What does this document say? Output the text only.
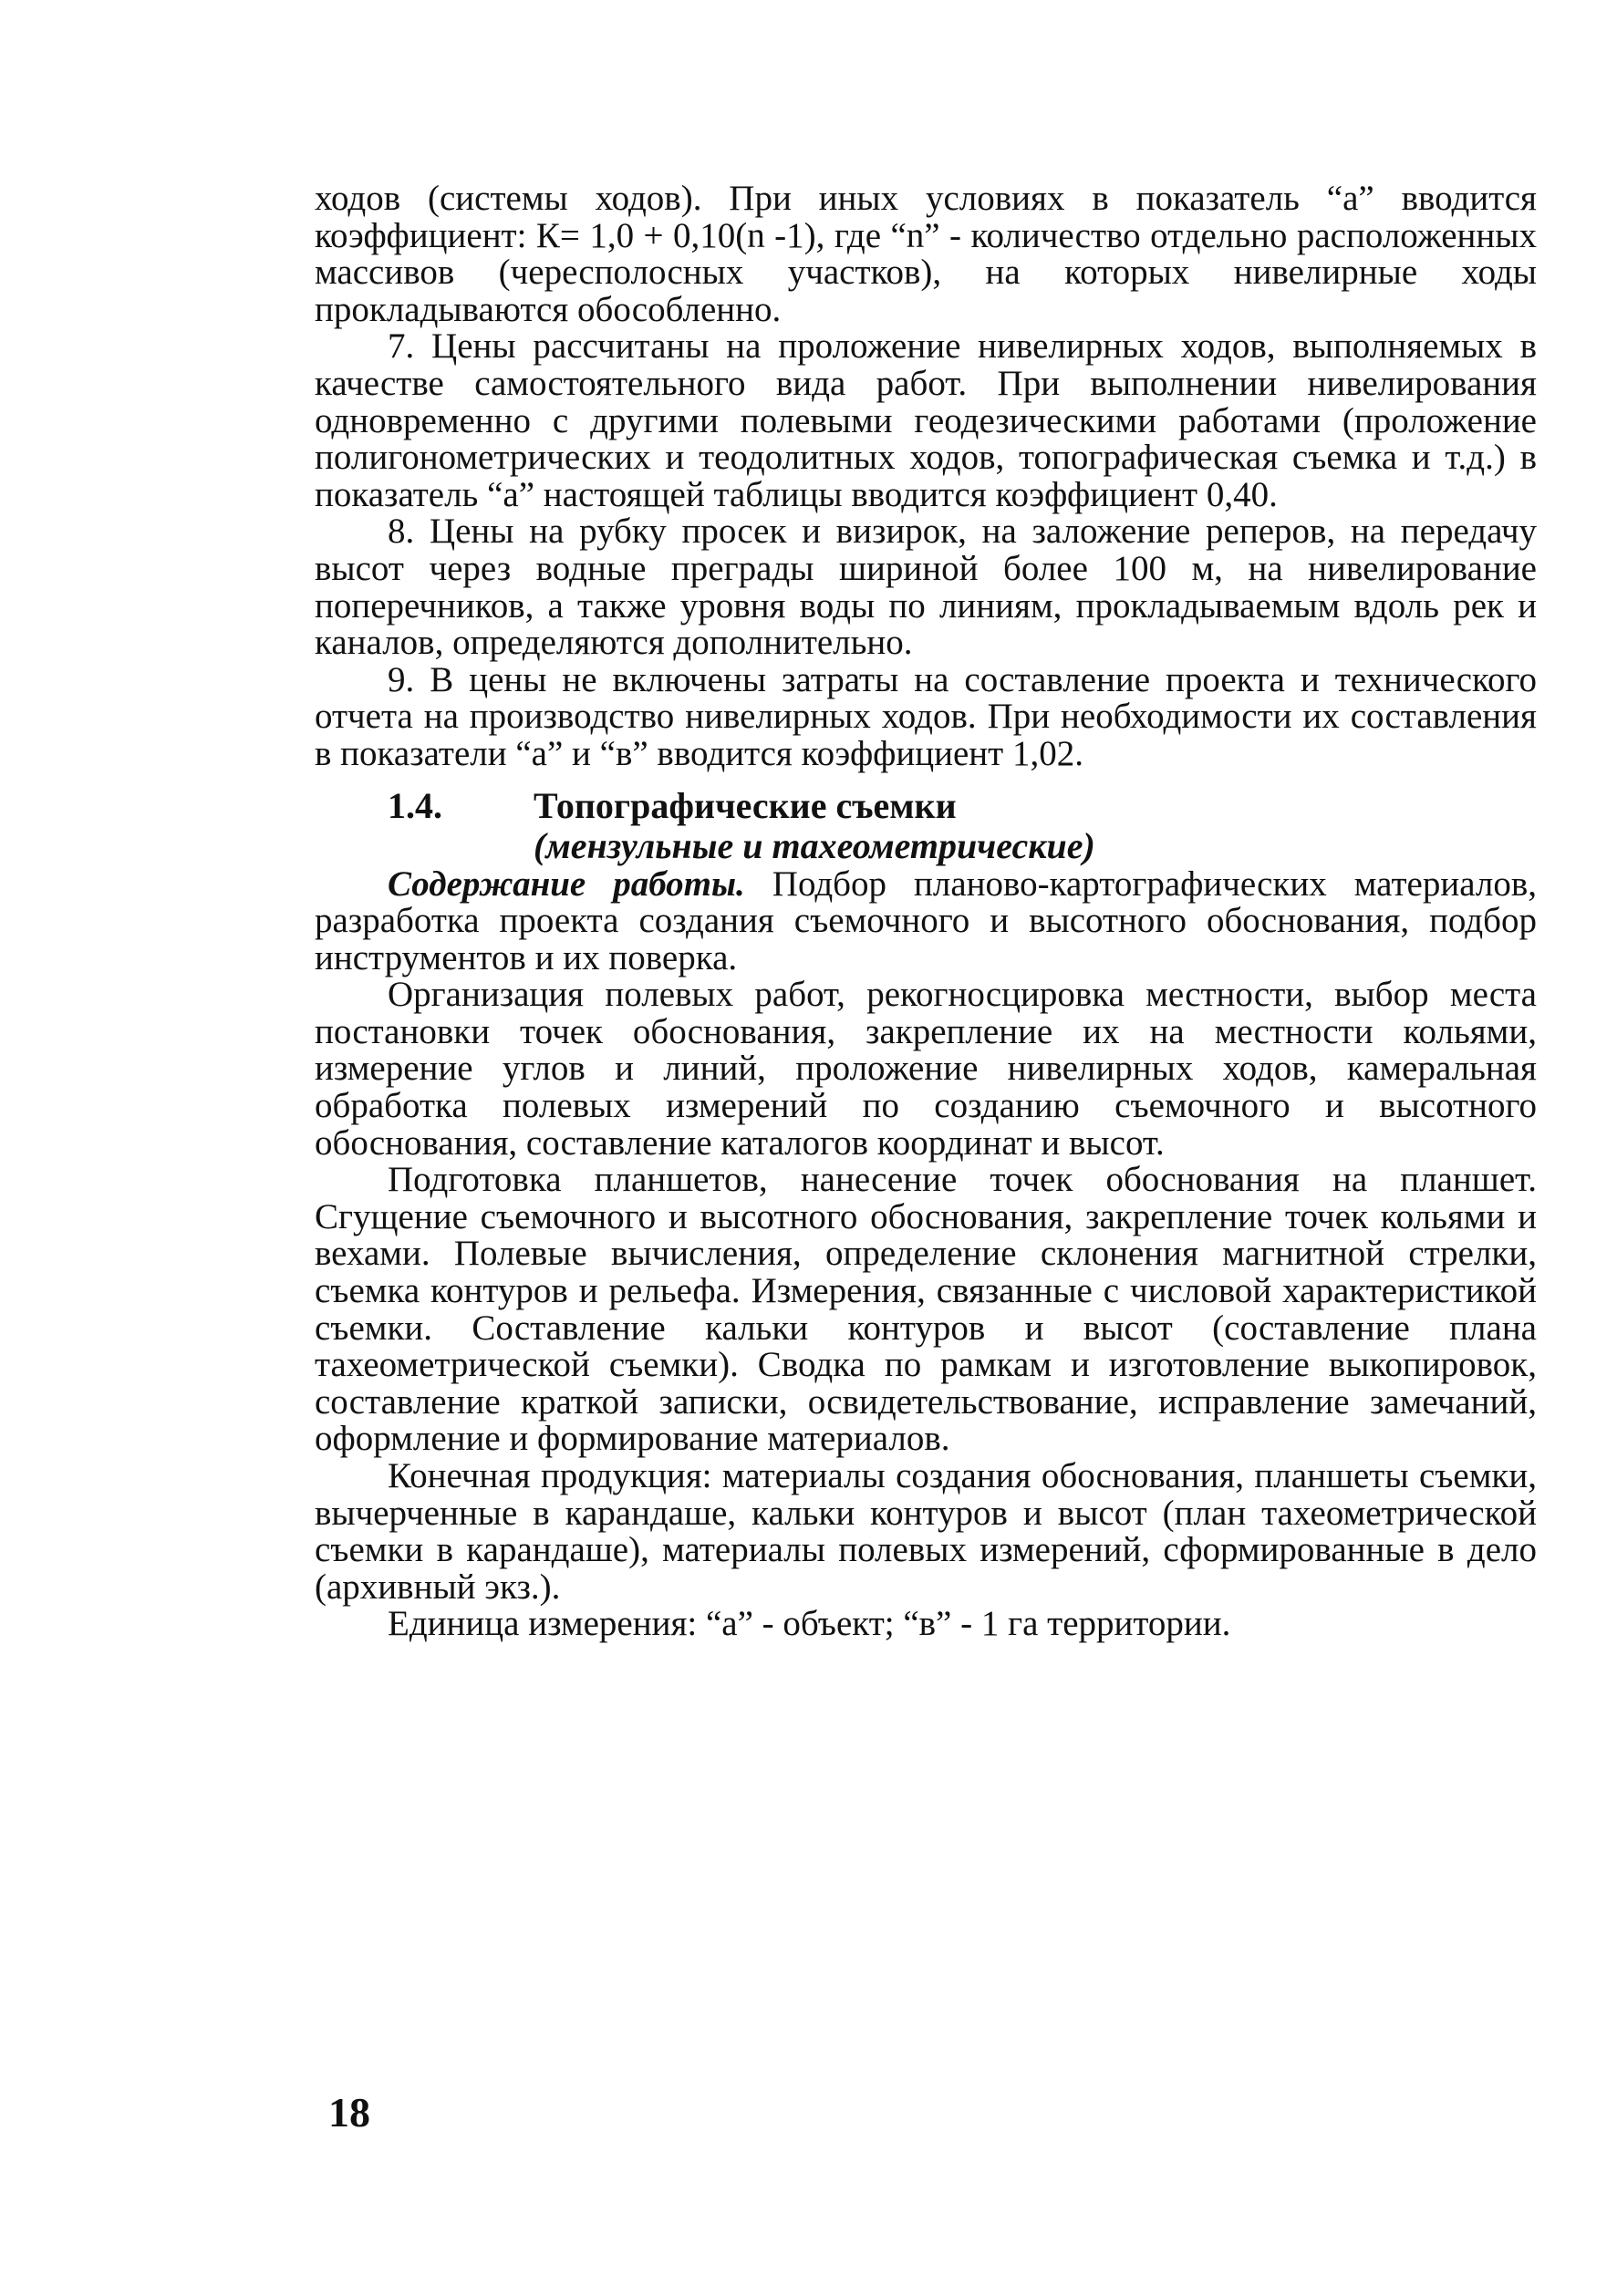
ходов (системы ходов). При иных условиях в показатель “а” вводится коэффициент: К= 1,0 + 0,10(n -1), где “n” - количество отдельно расположенных массивов (чересполосных участков), на которых нивелирные ходы прокладываются обособленно.

7. Цены рассчитаны на проложение нивелирных ходов, выполняемых в качестве самостоятельного вида работ. При выполнении нивелирования одновременно с другими полевыми геодезическими работами (проложение полигонометрических и теодолитных ходов, топографическая съемка и т.д.) в показатель “а” настоящей таблицы вводится коэффициент 0,40.

8. Цены на рубку просек и визирок, на заложение реперов, на передачу высот через водные преграды шириной более 100 м, на нивелирование поперечников, а также уровня воды по линиям, прокладываемым вдоль рек и каналов, определяются дополнительно.

9. В цены не включены затраты на составление проекта и технического отчета на производство нивелирных ходов. При необходимости их составления в показатели “а” и “в” вводится коэффициент 1,02.

1.4.	Топографические съемки
(мензульные и тахеометрические)

Содержание работы. Подбор планово-картографических материалов, разработка проекта создания съемочного и высотного обоснования, подбор инструментов и их поверка.

Организация полевых работ, рекогносцировка местности, выбор места постановки точек обоснования, закрепление их на местности кольями, измерение углов и линий, проложение нивелирных ходов, камеральная обработка полевых измерений по созданию съемочного и высотного обоснования, составление каталогов координат и высот.

Подготовка планшетов, нанесение точек обоснования на планшет. Сгущение съемочного и высотного обоснования, закрепление точек кольями и вехами. Полевые вычисления, определение склонения магнитной стрелки, съемка контуров и рельефа. Измерения, связанные с числовой характеристикой съемки. Составление кальки контуров и высот (составление плана тахеометрической съемки). Сводка по рамкам и изготовление выкопировок, составление краткой записки, освидетельствование, исправление замечаний, оформление и формирование материалов.

Конечная продукция: материалы создания обоснования, планшеты съемки, вычерченные в карандаше, кальки контуров и высот (план тахеометрической съемки в карандаше), материалы полевых измерений, сформированные в дело (архивный экз.).

Единица измерения: “а” - объект; “в” - 1 га территории.

18
